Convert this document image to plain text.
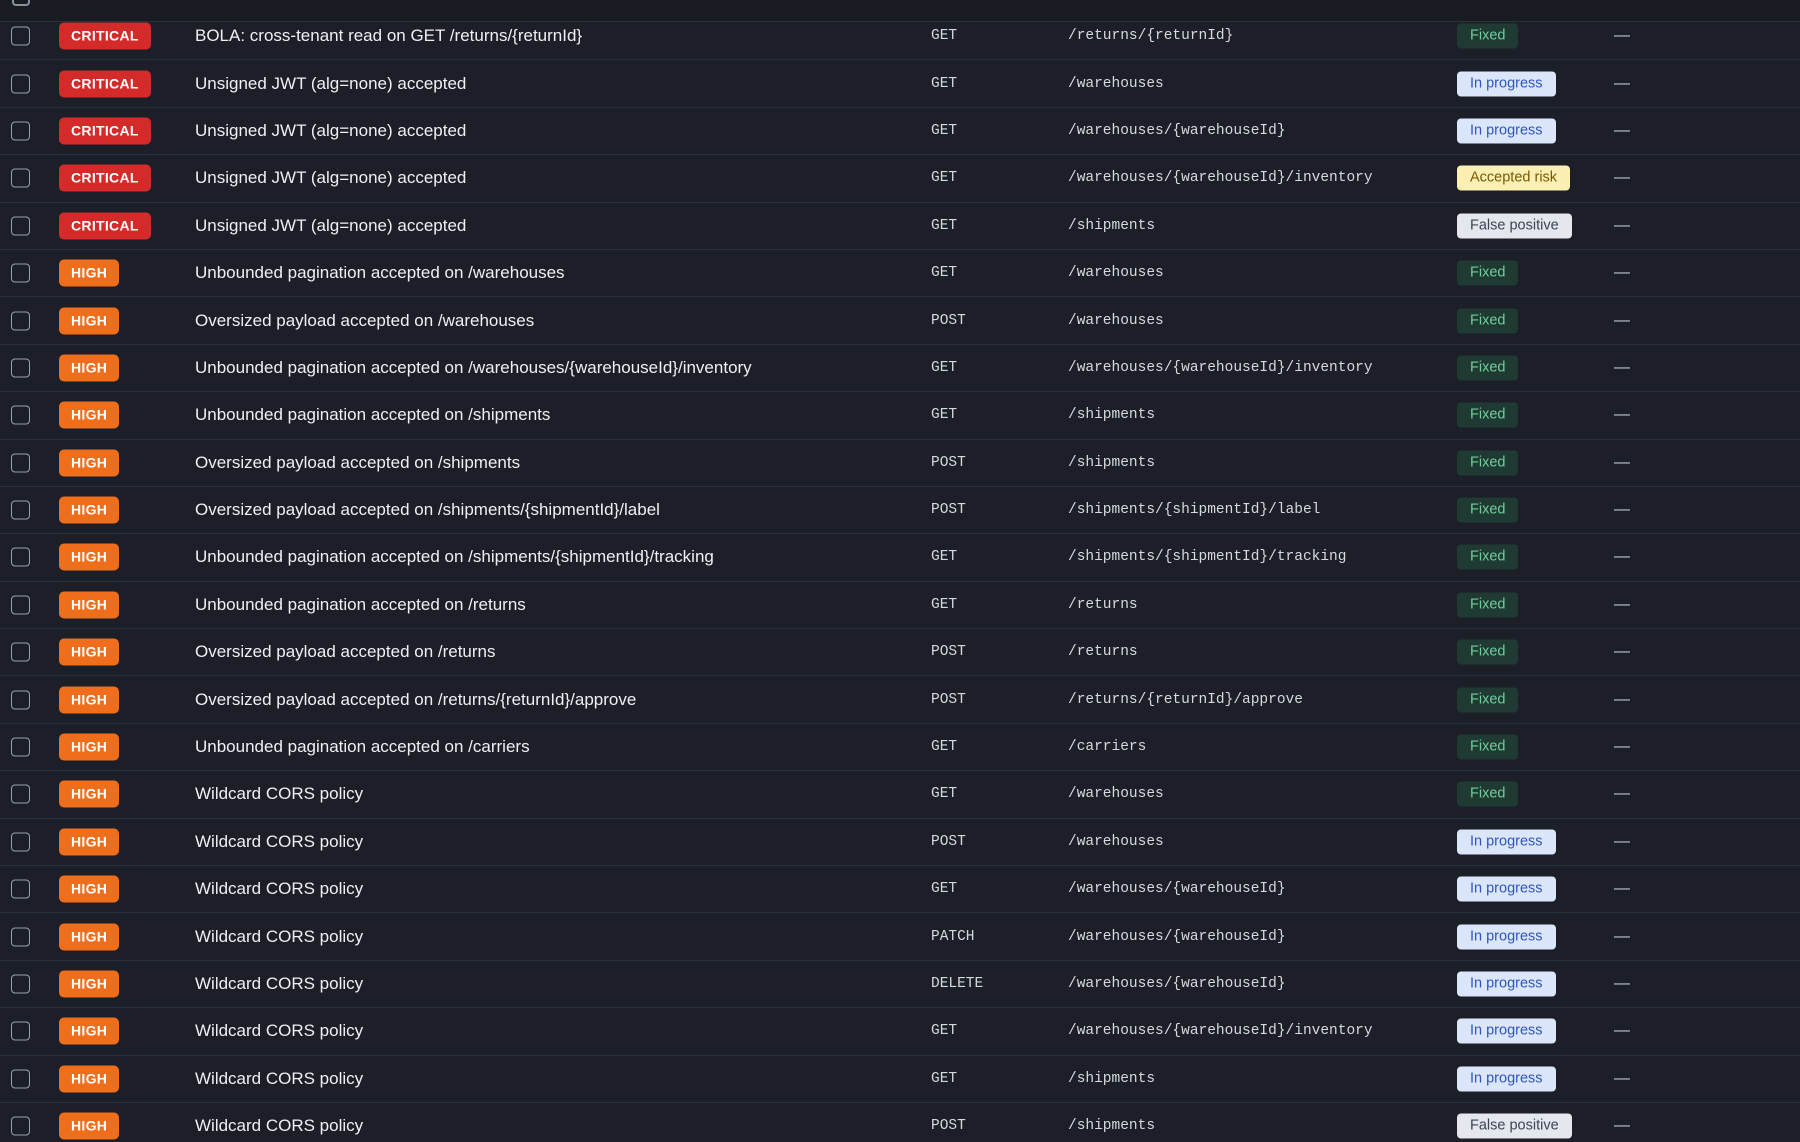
CRITICAL	BOLA: cross-tenant read on GET /returns/{returnId}	GET	/returns/{returnId}	Fixed	—
CRITICAL	Unsigned JWT (alg=none) accepted	GET	/warehouses	In progress	—
CRITICAL	Unsigned JWT (alg=none) accepted	GET	/warehouses/{warehouseId}	In progress	—
CRITICAL	Unsigned JWT (alg=none) accepted	GET	/warehouses/{warehouseId}/inventory	Accepted risk	—
CRITICAL	Unsigned JWT (alg=none) accepted	GET	/shipments	False positive	—
HIGH	Unbounded pagination accepted on /warehouses	GET	/warehouses	Fixed	—
HIGH	Oversized payload accepted on /warehouses	POST	/warehouses	Fixed	—
HIGH	Unbounded pagination accepted on /warehouses/{warehouseId}/inventory	GET	/warehouses/{warehouseId}/inventory	Fixed	—
HIGH	Unbounded pagination accepted on /shipments	GET	/shipments	Fixed	—
HIGH	Oversized payload accepted on /shipments	POST	/shipments	Fixed	—
HIGH	Oversized payload accepted on /shipments/{shipmentId}/label	POST	/shipments/{shipmentId}/label	Fixed	—
HIGH	Unbounded pagination accepted on /shipments/{shipmentId}/tracking	GET	/shipments/{shipmentId}/tracking	Fixed	—
HIGH	Unbounded pagination accepted on /returns	GET	/returns	Fixed	—
HIGH	Oversized payload accepted on /returns	POST	/returns	Fixed	—
HIGH	Oversized payload accepted on /returns/{returnId}/approve	POST	/returns/{returnId}/approve	Fixed	—
HIGH	Unbounded pagination accepted on /carriers	GET	/carriers	Fixed	—
HIGH	Wildcard CORS policy	GET	/warehouses	Fixed	—
HIGH	Wildcard CORS policy	POST	/warehouses	In progress	—
HIGH	Wildcard CORS policy	GET	/warehouses/{warehouseId}	In progress	—
HIGH	Wildcard CORS policy	PATCH	/warehouses/{warehouseId}	In progress	—
HIGH	Wildcard CORS policy	DELETE	/warehouses/{warehouseId}	In progress	—
HIGH	Wildcard CORS policy	GET	/warehouses/{warehouseId}/inventory	In progress	—
HIGH	Wildcard CORS policy	GET	/shipments	In progress	—
HIGH	Wildcard CORS policy	POST	/shipments	False positive	—
